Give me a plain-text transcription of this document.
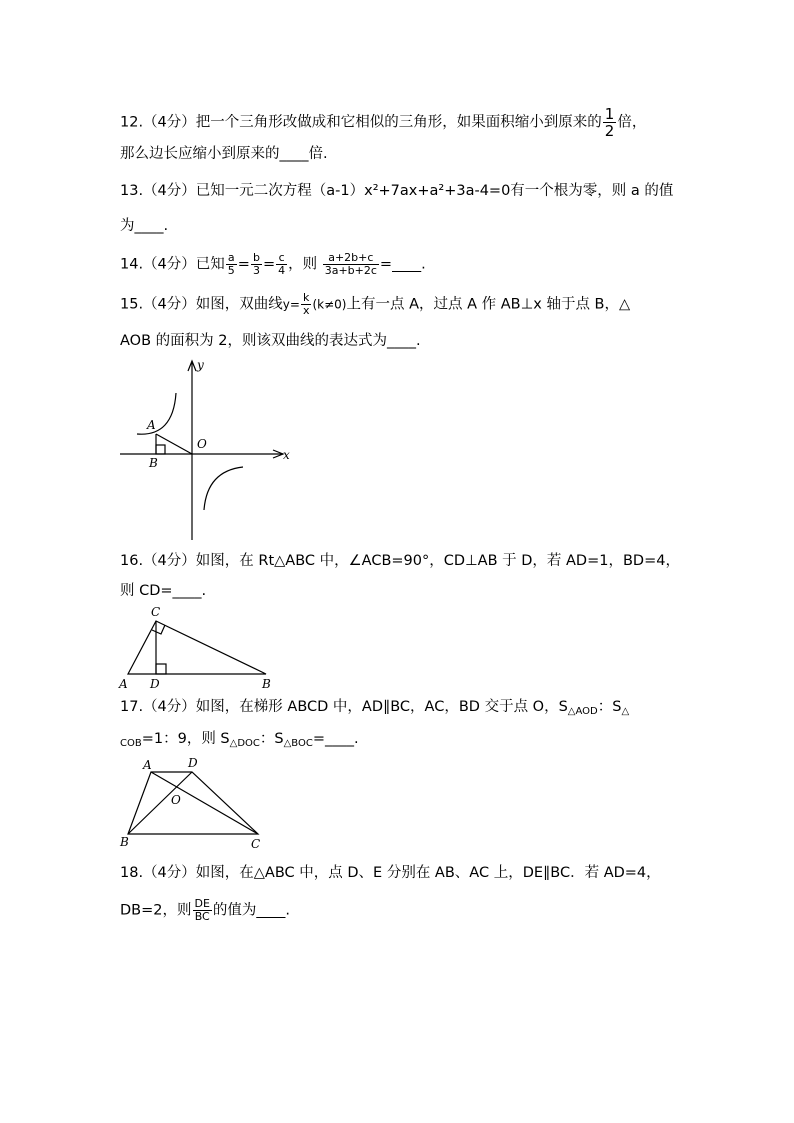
12.（4分）把一个三角形改做成和它相似的三角形，如果面积缩小到原来的 $\frac{1}{2}$ 倍，
那么边长应缩小到原来的____倍.
13.（4分）已知一元二次方程（a-1）x²+7ax+a²+3a-4=0有一个根为零，则 a 的值
为____.
14.（4分）已知 $\frac{a}{5} = \frac{b}{3} = \frac{c}{4}$ ，则 $\frac{a+2b+c}{3a+b+2c}$ =____.
15.（4分）如图，双曲线$y= \frac{k}{x} (k\ne 0)$上有一点 A，过点 A 作 AB⊥x 轴于点 B，△
AOB 的面积为 2，则该双曲线的表达式为____.
y
x
A
O
B
16.（4分）如图，在 Rt△ABC 中，∠ACB=90°，CD⊥AB 于 D，若 AD=1，BD=4，
则 CD=____.
C
A D	B
17.（4分）如图，在梯形 ABCD 中，AD∥BC，AC，BD 交于点 O，$S_{\triangle AOD}$：$S_\triangle$
$_{COB}$=1：9，则 $S_{\triangle DOC}$：$S_{\triangle BOC}=\_\_\_\_$.
A	D
O
B	C
18.（4分）如图，在△ABC 中，点 D、E 分别在 AB、AC 上，DE∥BC．若 AD=4，
DB=2，则 $\frac{DE}{BC}$ 的值为____.
